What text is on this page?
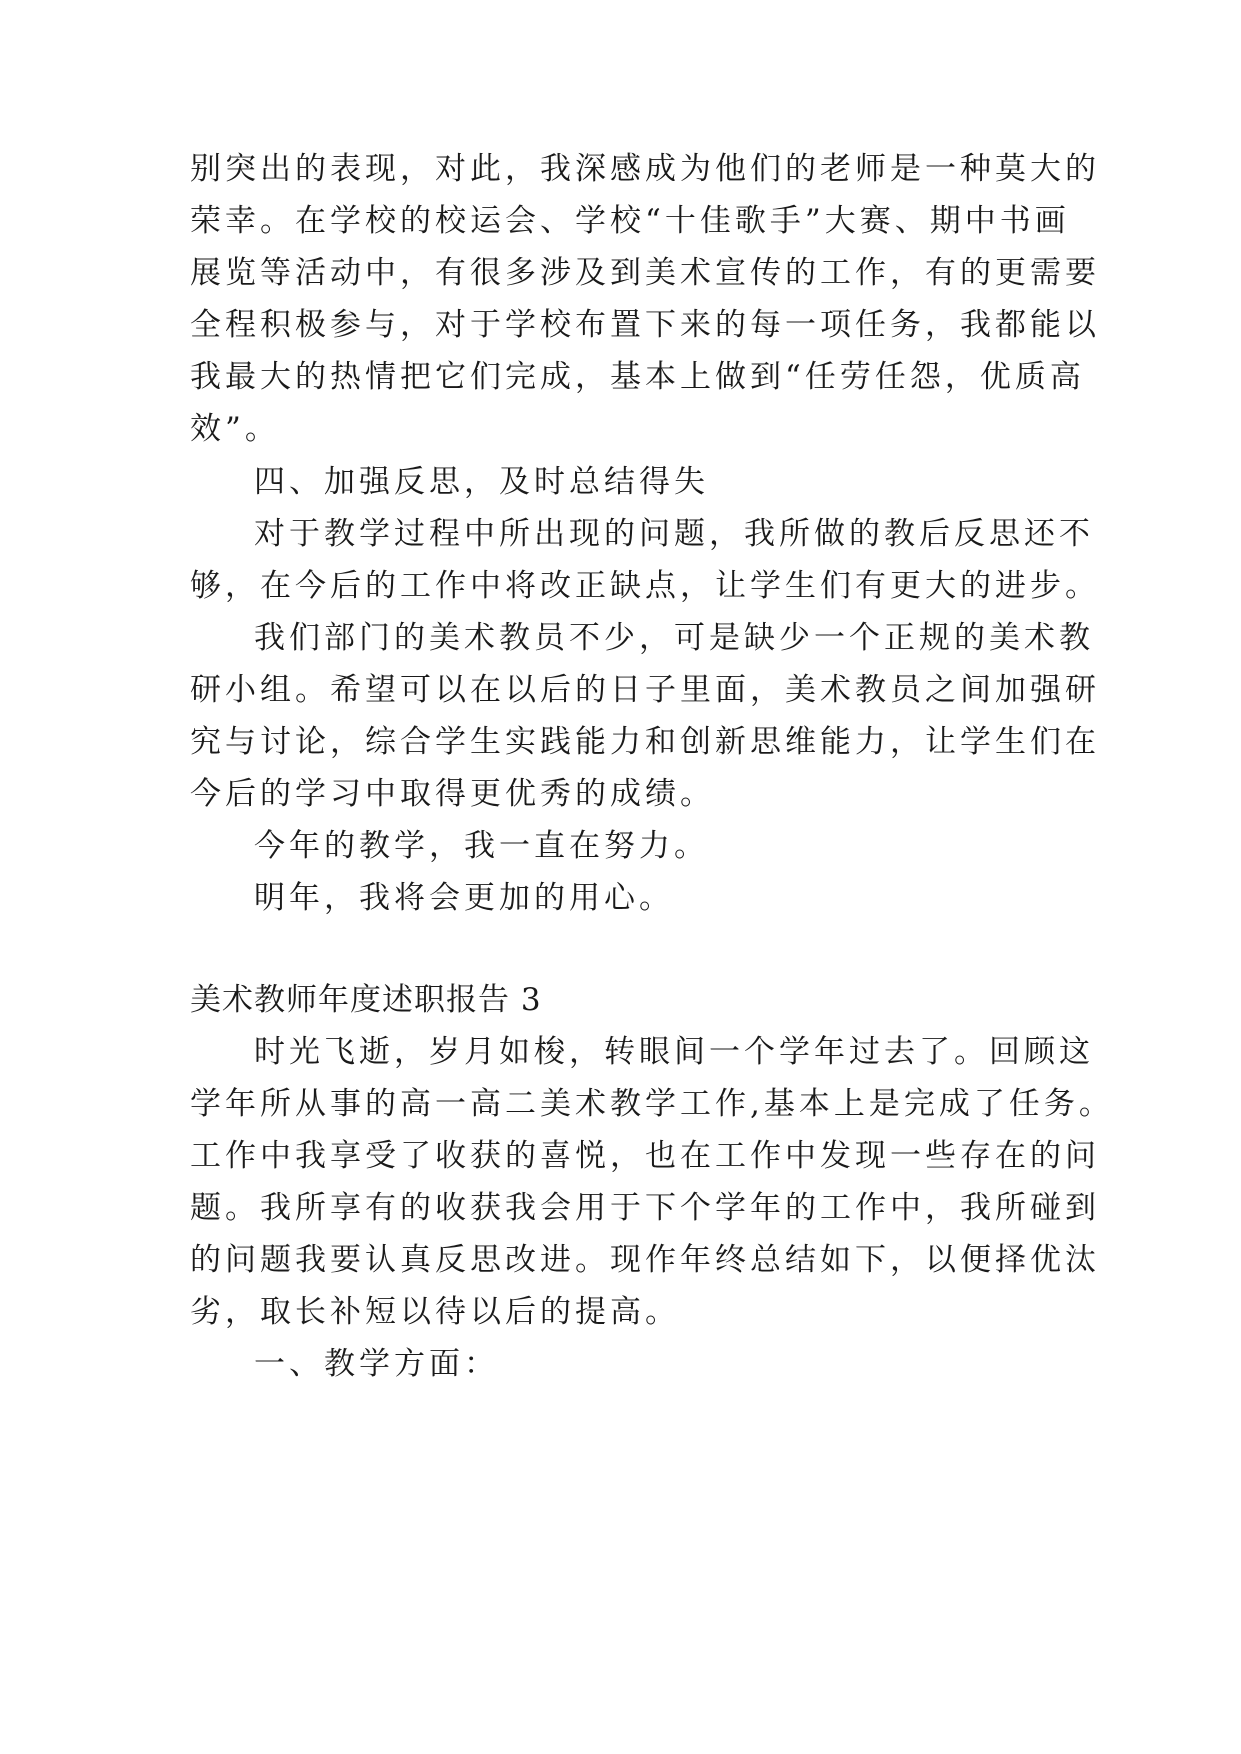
别突出的表现，对此，我深感成为他们的老师是一种莫大的
荣幸。在学校的校运会、学校“十佳歌手”大赛、期中书画
展览等活动中，有很多涉及到美术宣传的工作，有的更需要
全程积极参与，对于学校布置下来的每一项任务，我都能以
我最大的热情把它们完成，基本上做到“任劳任怨，优质高
效”。
四、加强反思，及时总结得失
对于教学过程中所出现的问题，我所做的教后反思还不
够，在今后的工作中将改正缺点，让学生们有更大的进步。
我们部门的美术教员不少，可是缺少一个正规的美术教
研小组。希望可以在以后的日子里面，美术教员之间加强研
究与讨论，综合学生实践能力和创新思维能力，让学生们在
今后的学习中取得更优秀的成绩。
今年的教学，我一直在努力。
明年，我将会更加的用心。
美术教师年度述职报告 3
时光飞逝，岁月如梭，转眼间一个学年过去了。回顾这
学年所从事的高一高二美术教学工作,基本上是完成了任务。
工作中我享受了收获的喜悦，也在工作中发现一些存在的问
题。我所享有的收获我会用于下个学年的工作中，我所碰到
的问题我要认真反思改进。现作年终总结如下，以便择优汰
劣，取长补短以待以后的提高。
一、教学方面：
